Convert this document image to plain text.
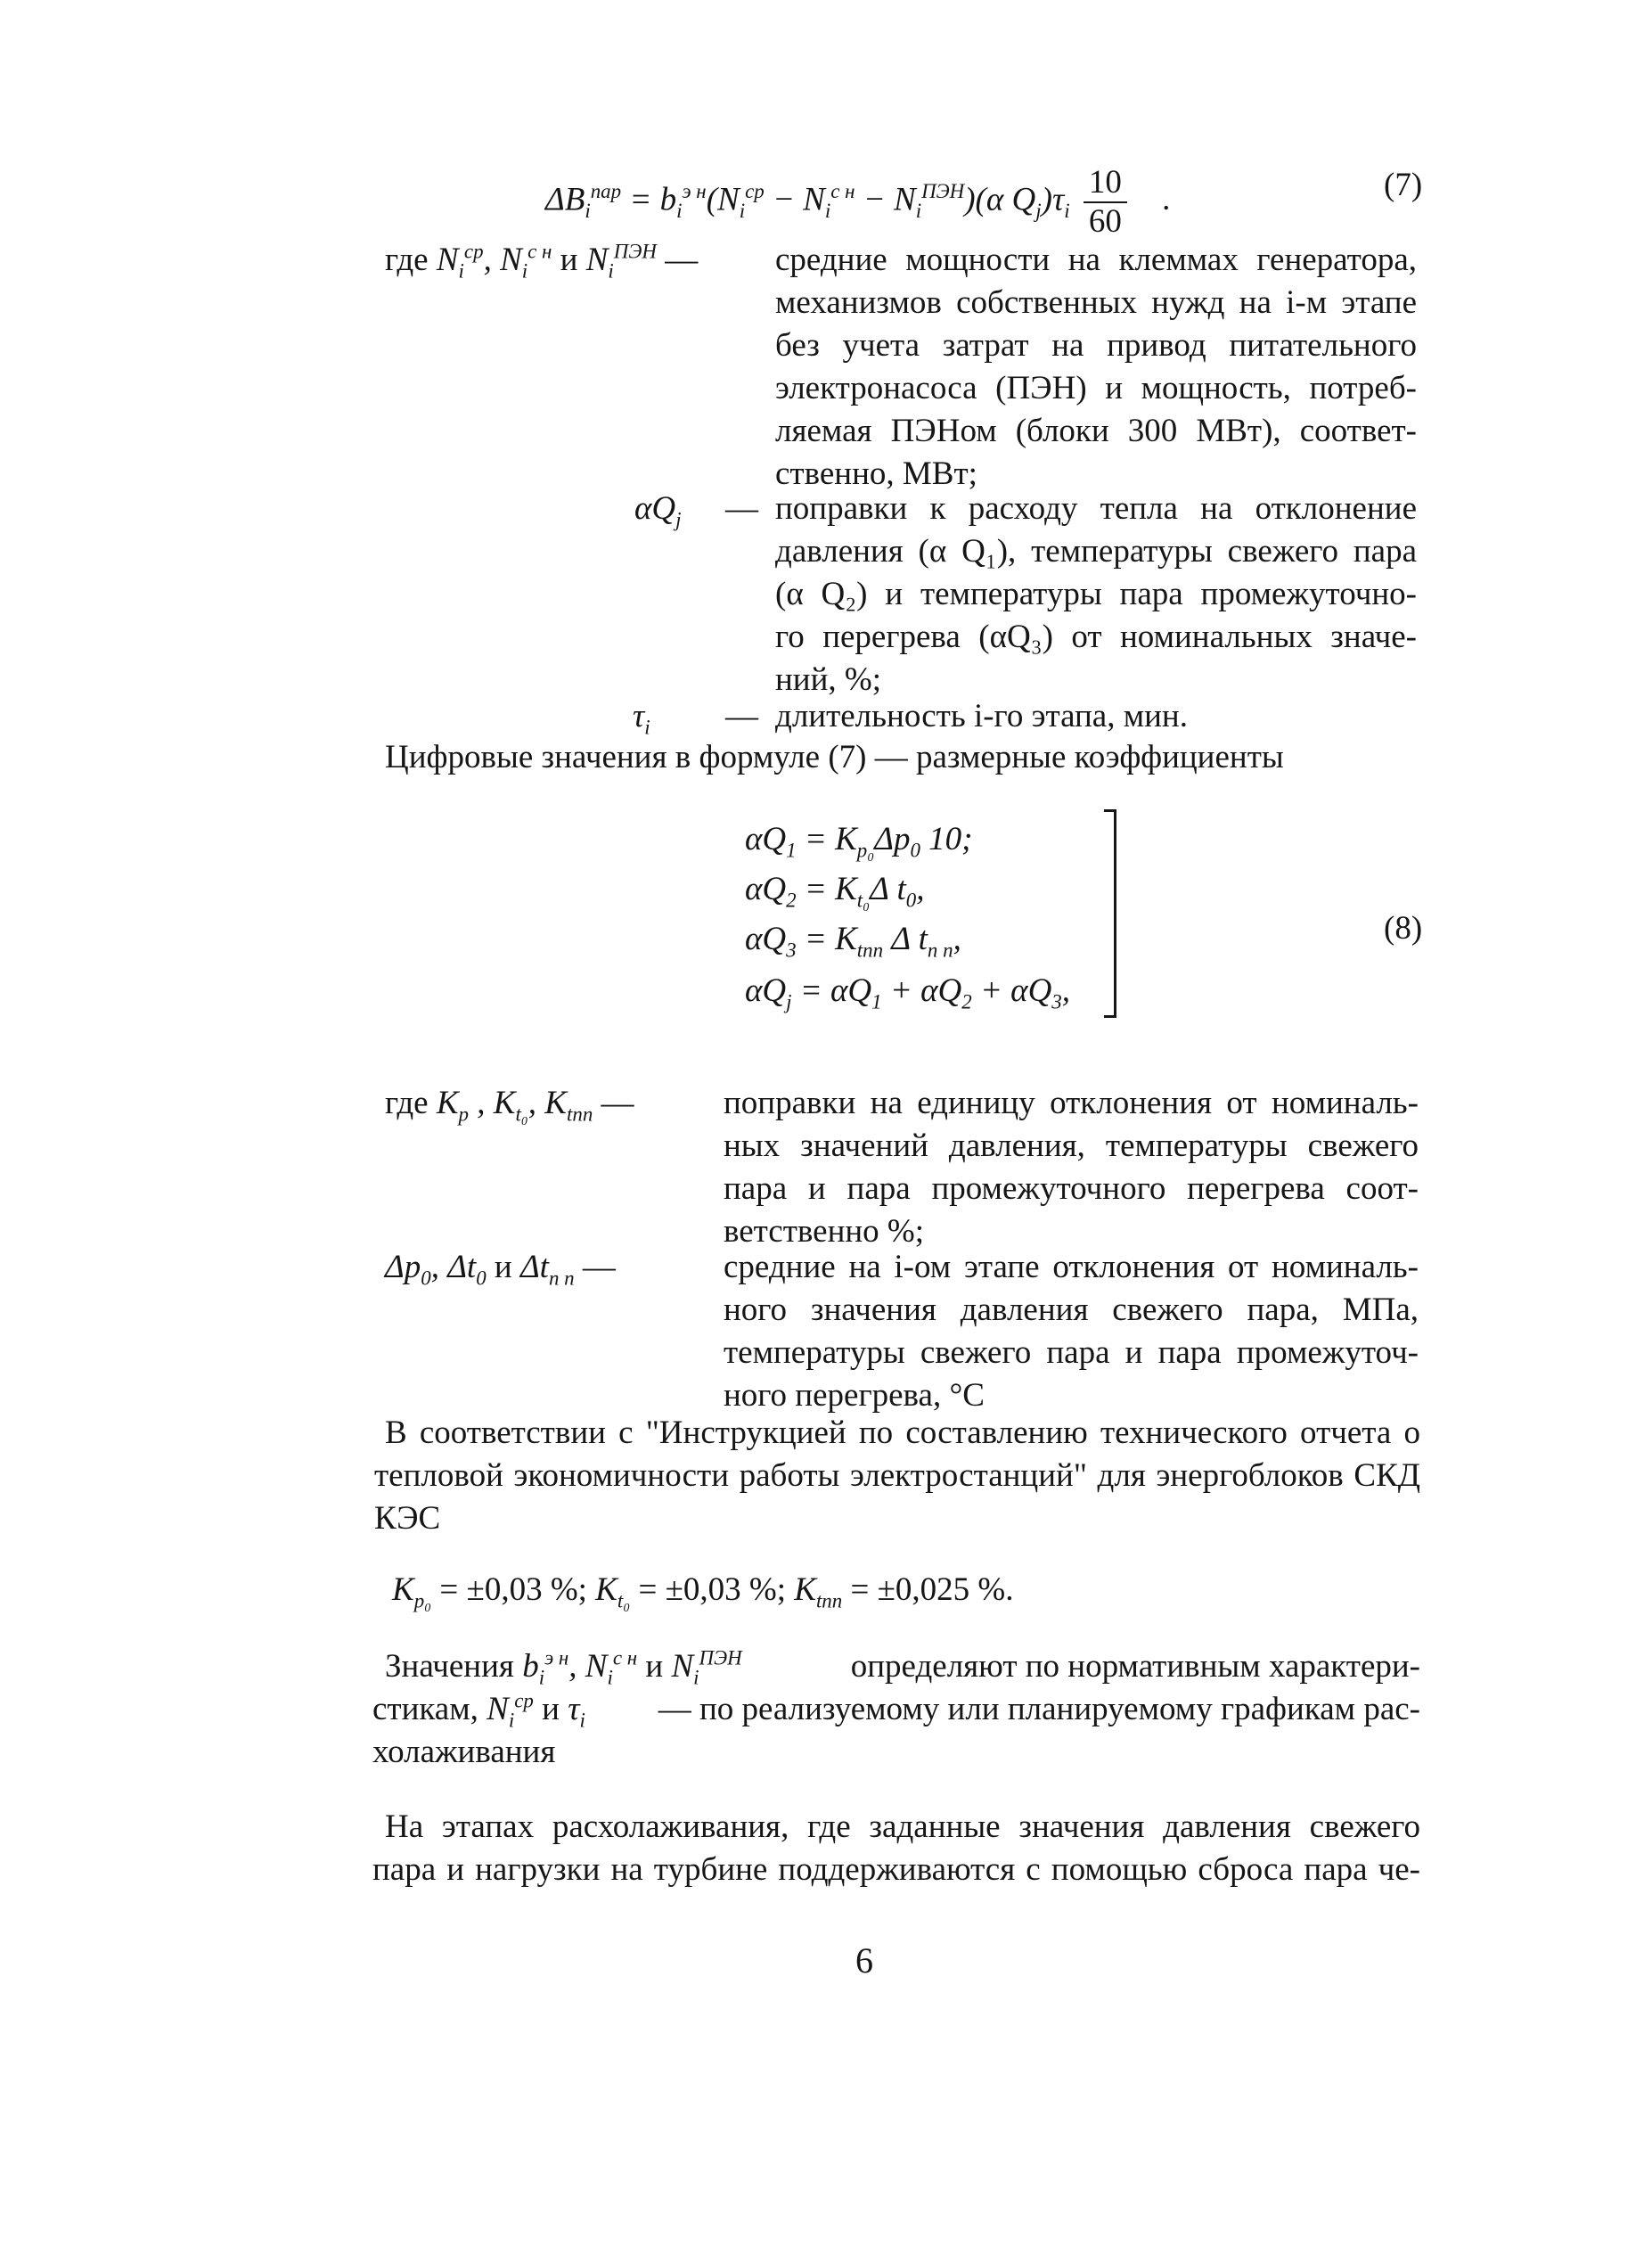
$\Delta B_i^{пар} = b_i^{э н}(N_i^{ср} - N_i^{с н} - N_i^{ПЭН})(\alpha$ $Q_j)\tau_i \frac{10}{60}$ .	(7)
где $N_i^{ср}$, $N_i^{с н}$ и $N_i^{ПЭН}$ — средние мощности на клеммах генератора,
механизмов собственных нужд на i-м этапе
без учета затрат на привод питательного
электронасоса (ПЭН) и мощность, потреб-
ляемая ПЭНом (блоки 300 МВт), соответ-
ственно, МВт;
$\alpha Q_j$ — поправки к расходу тепла на отклонение
давления (α Q₁), температуры свежего пара
(α Q₂) и температуры пара промежуточно-
го перегрева (αQ₃) от номинальных значе-
ний, %;
$\tau_i$ — длительность i-го этапа, мин.
Цифровые значения в формуле (7) — размерные коэффициенты
$\alpha Q_1 = K_{p_0}\Delta p_0$ 10;
$\alpha Q_2 = K_{t_0}\Delta$ $t_0$,
$\alpha Q_3 = K_{tпп}$ Δ $t_{п п}$,
$\alpha Q_j = \alpha Q_1 + \alpha Q_2 + \alpha Q_3$,
(8)
где $K_p$ , $K_{t_0}$, $K_{tпп}$ —	поправки на единицу отклонения от номиналь-
ных значений давления, температуры свежего
пара и пара промежуточного перегрева соот-
ветственно %;
$\Delta p_0$, $\Delta t_0$ и $\Delta t_{п п}$ —	средние на i-ом этапе отклонения от номиналь-
ного значения давления свежего пара, МПа,
температуры свежего пара и пара промежуточ-
ного перегрева, °С
В соответствии с "Инструкцией по составлению технического отчета о
тепловой экономичности работы электростанций" для энергоблоков СКД
КЭС
$K_{p_0} = \pm 0,03$ %; $K_{t_0} = \pm 0,03$ %; $K_{tпп} = \pm 0,025$ %.
Значения $b_i^{э н}$, $N_i^{с н}$ и $N_i^{ПЭН}$	определяют по нормативным характери-
стикам, $N_i^{ср}$ и $\tau_i$ — по реализуемому или планируемому графикам рас-
холаживания
На этапах расхолаживания, где заданные значения давления свежего
пара и нагрузки на турбине поддерживаются с помощью сброса пара че-
6
